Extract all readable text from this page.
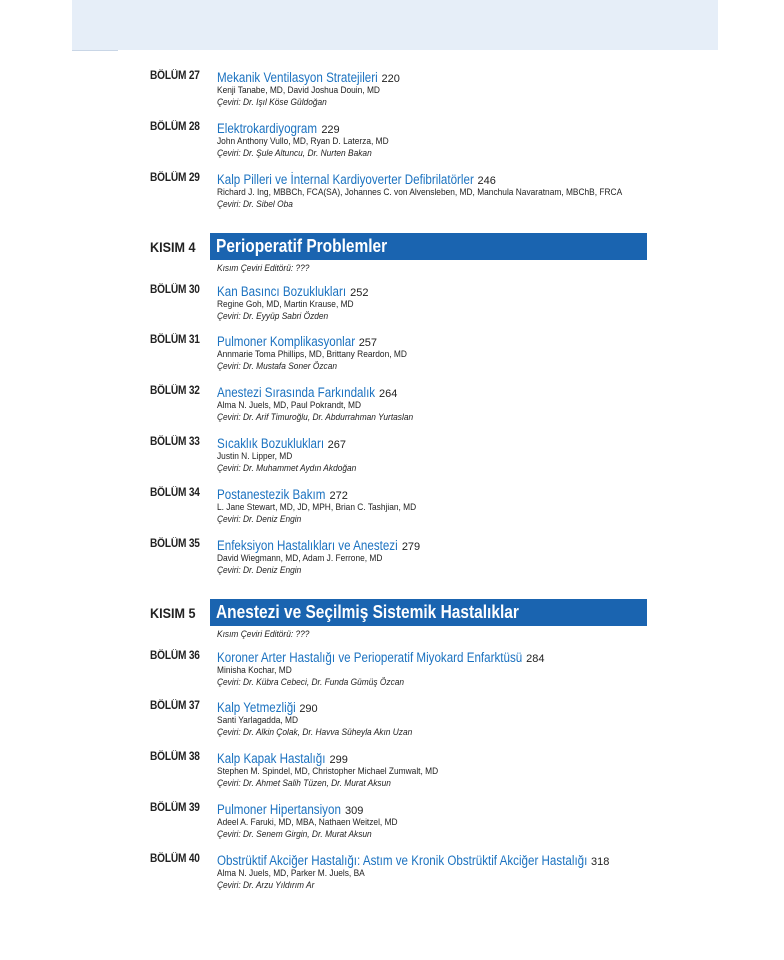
BÖLÜM 27 Mekanik Ventilasyon Stratejileri 220
Kenji Tanabe, MD, David Joshua Douin, MD
Çeviri: Dr. Işıl Köse Güldoğan
BÖLÜM 28 Elektrokardiyogram 229
John Anthony Vullo, MD, Ryan D. Laterza, MD
Çeviri: Dr. Şule Altuncu, Dr. Nurten Bakan
BÖLÜM 29 Kalp Pilleri ve İnternal Kardiyoverter Defibrilatörler 246
Richard J. Ing, MBBCh, FCA(SA), Johannes C. von Alvensleben, MD, Manchula Navaratnam, MBChB, FRCA
Çeviri: Dr. Sibel Oba
KISIM 4 Perioperatif Problemler
Kısım Çeviri Editörü: ???
BÖLÜM 30 Kan Basıncı Bozuklukları 252
Regine Goh, MD, Martin Krause, MD
Çeviri: Dr. Eyyüp Sabri Özden
BÖLÜM 31 Pulmoner Komplikasyonlar 257
Annmarie Toma Phillips, MD, Brittany Reardon, MD
Çeviri: Dr. Mustafa Soner Özcan
BÖLÜM 32 Anestezi Sırasında Farkındalık 264
Alma N. Juels, MD, Paul Pokrandt, MD
Çeviri: Dr. Arif Timuroğlu, Dr. Abdurrahman Yurtaslan
BÖLÜM 33 Sıcaklık Bozuklukları 267
Justin N. Lipper, MD
Çeviri: Dr. Muhammet Aydın Akdoğan
BÖLÜM 34 Postanestezik Bakım 272
L. Jane Stewart, MD, JD, MPH, Brian C. Tashjian, MD
Çeviri: Dr. Deniz Engin
BÖLÜM 35 Enfeksiyon Hastalıkları ve Anestezi 279
David Wiegmann, MD, Adam J. Ferrone, MD
Çeviri: Dr. Deniz Engin
KISIM 5 Anestezi ve Seçilmiş Sistemik Hastalıklar
Kısım Çeviri Editörü: ???
BÖLÜM 36 Koroner Arter Hastalığı ve Perioperatif Miyokard Enfarktüsü 284
Minisha Kochar, MD
Çeviri: Dr. Kübra Cebeci, Dr. Funda Gümüş Özcan
BÖLÜM 37 Kalp Yetmezliği 290
Santi Yarlagadda, MD
Çeviri: Dr. Alkin Çolak, Dr. Havva Süheyla Akın Uzan
BÖLÜM 38 Kalp Kapak Hastalığı 299
Stephen M. Spindel, MD, Christopher Michael Zumwalt, MD
Çeviri: Dr. Ahmet Salih Tüzen, Dr. Murat Aksun
BÖLÜM 39 Pulmoner Hipertansiyon 309
Adeel A. Faruki, MD, MBA, Nathaen Weitzel, MD
Çeviri: Dr. Senem Girgin, Dr. Murat Aksun
BÖLÜM 40 Obstrüktif Akciğer Hastalığı: Astım ve Kronik Obstrüktif Akciğer Hastalığı 318
Alma N. Juels, MD, Parker M. Juels, BA
Çeviri: Dr. Arzu Yıldırım Ar
